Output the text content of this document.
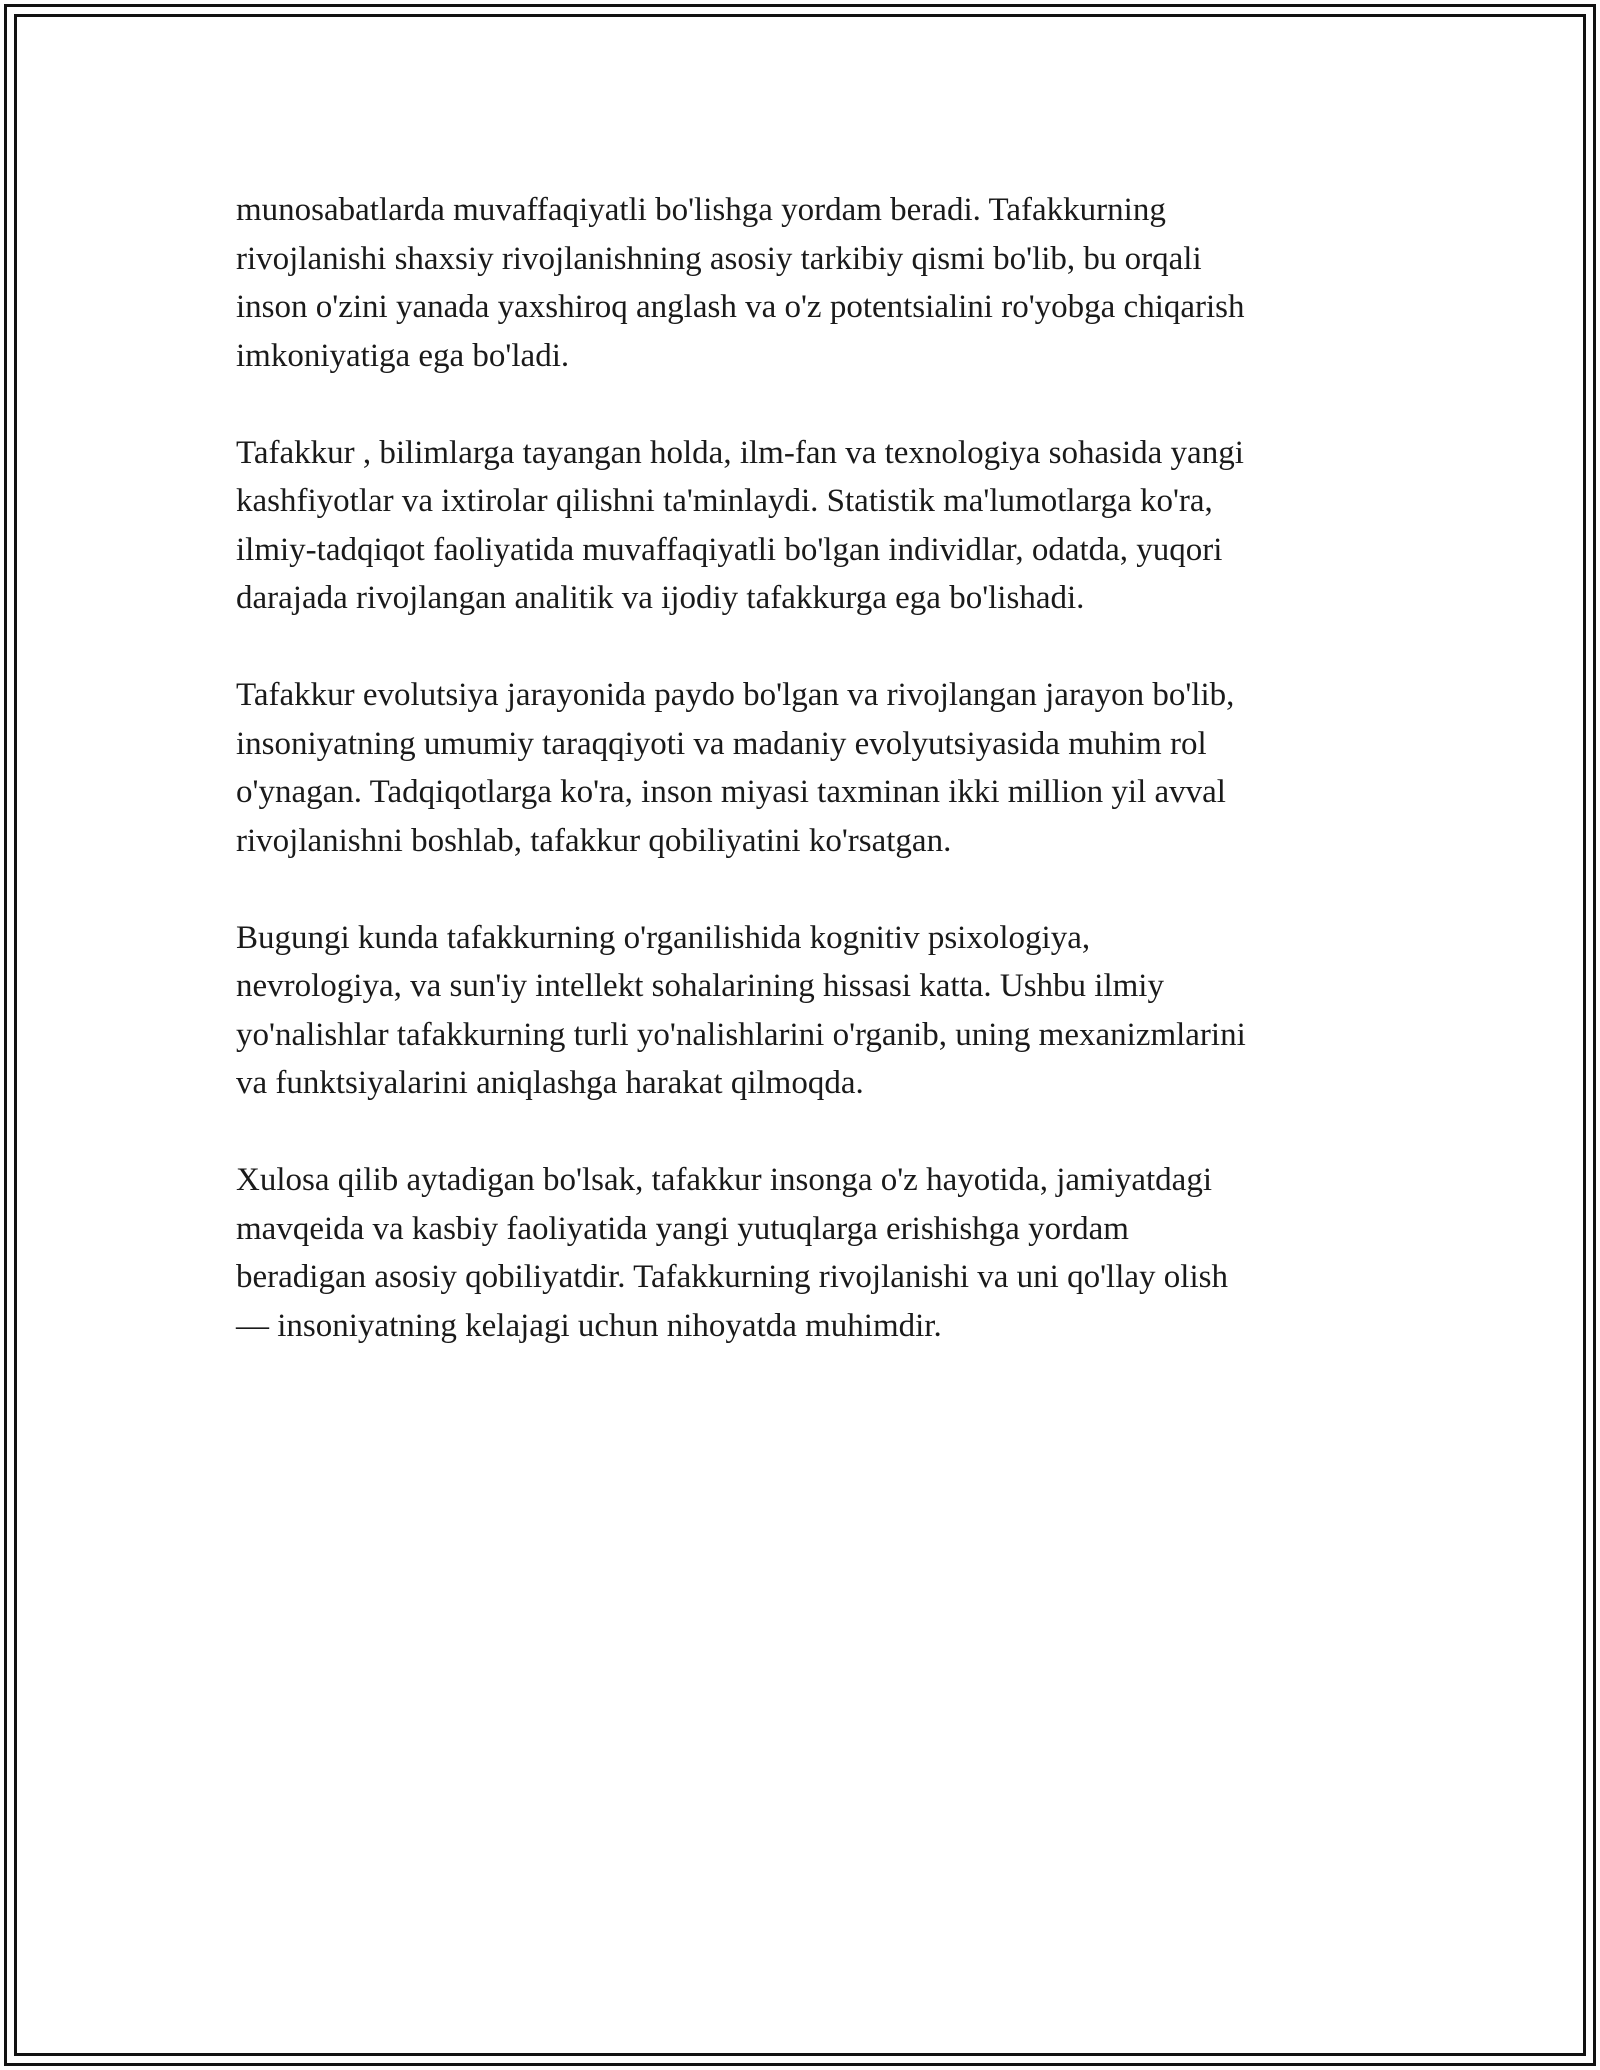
munosabatlarda muvaffaqiyatli bo'lishga yordam beradi. Tafakkurning
rivojlanishi shaxsiy rivojlanishning asosiy tarkibiy qismi bo'lib, bu orqali
inson o'zini yanada yaxshiroq anglash va o'z potentsialini ro'yobga chiqarish
imkoniyatiga ega bo'ladi.

Tafakkur , bilimlarga tayangan holda, ilm-fan va texnologiya sohasida yangi
kashfiyotlar va ixtirolar qilishni ta'minlaydi. Statistik ma'lumotlarga ko'ra,
ilmiy-tadqiqot faoliyatida muvaffaqiyatli bo'lgan individlar, odatda, yuqori
darajada rivojlangan analitik va ijodiy tafakkurga ega bo'lishadi.

Tafakkur evolutsiya jarayonida paydo bo'lgan va rivojlangan jarayon bo'lib,
insoniyatning umumiy taraqqiyoti va madaniy evolyutsiyasida muhim rol
o'ynagan. Tadqiqotlarga ko'ra, inson miyasi taxminan ikki million yil avval
rivojlanishni boshlab, tafakkur qobiliyatini ko'rsatgan.

Bugungi kunda tafakkurning o'rganilishida kognitiv psixologiya,
nevrologiya, va sun'iy intellekt sohalarining hissasi katta. Ushbu ilmiy
yo'nalishlar tafakkurning turli yo'nalishlarini o'rganib, uning mexanizmlarini
va funktsiyalarini aniqlashga harakat qilmoqda.

Xulosa qilib aytadigan bo'lsak, tafakkur insonga o'z hayotida, jamiyatdagi
mavqeida va kasbiy faoliyatida yangi yutuqlarga erishishga yordam
beradigan asosiy qobiliyatdir. Tafakkurning rivojlanishi va uni qo'llay olish
— insoniyatning kelajagi uchun nihoyatda muhimdir.
